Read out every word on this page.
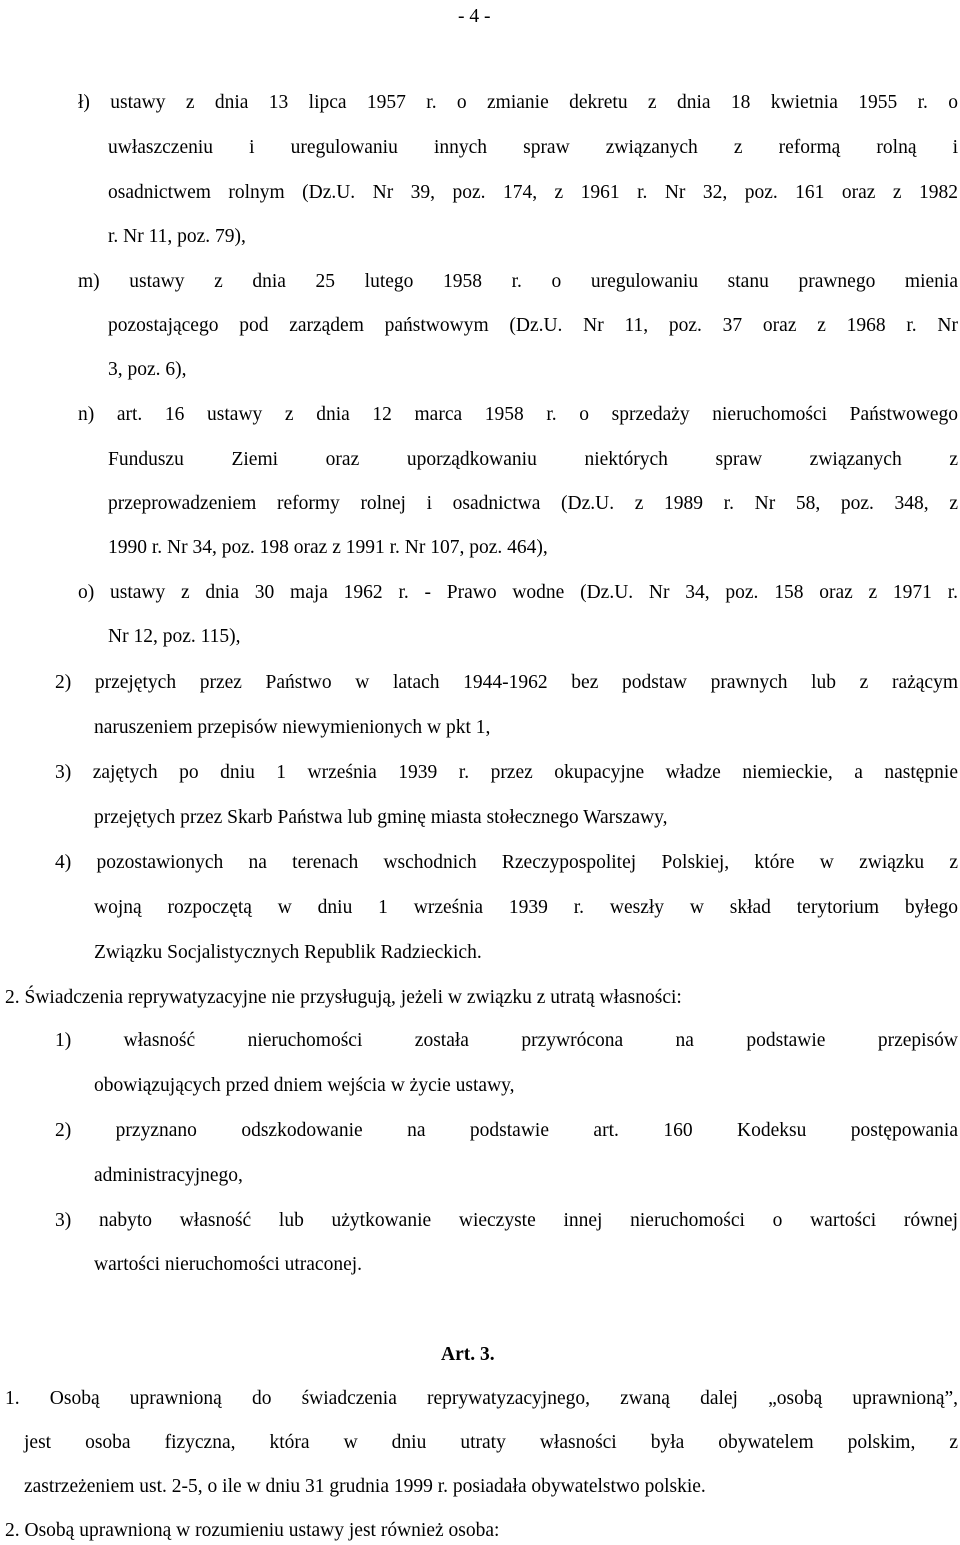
- 4 -
ł) ustawy z dnia 13 lipca 1957 r. o zmianie dekretu z dnia 18 kwietnia 1955 r. o
uwłaszczeniu i uregulowaniu innych spraw związanych z reformą rolną i
osadnictwem rolnym (Dz.U. Nr 39, poz. 174, z 1961 r. Nr 32, poz. 161 oraz z 1982
r. Nr 11, poz. 79),
m) ustawy z dnia 25 lutego 1958 r. o uregulowaniu stanu prawnego mienia
pozostającego pod zarządem państwowym (Dz.U. Nr 11, poz. 37 oraz z 1968 r. Nr
3, poz. 6),
n) art. 16 ustawy z dnia 12 marca 1958 r. o sprzedaży nieruchomości Państwowego
Funduszu Ziemi oraz uporządkowaniu niektórych spraw związanych z
przeprowadzeniem reformy rolnej i osadnictwa (Dz.U. z 1989 r. Nr 58, poz. 348, z
1990 r. Nr 34, poz. 198 oraz z 1991 r. Nr 107, poz. 464),
o) ustawy z dnia 30 maja 1962 r. - Prawo wodne (Dz.U. Nr 34, poz. 158 oraz z 1971 r.
Nr 12, poz. 115),
2) przejętych przez Państwo w latach 1944-1962 bez podstaw prawnych lub z rażącym
naruszeniem przepisów niewymienionych w pkt 1,
3) zajętych po dniu 1 września 1939 r. przez okupacyjne władze niemieckie, a następnie
przejętych przez Skarb Państwa lub gminę miasta stołecznego Warszawy,
4) pozostawionych na terenach wschodnich Rzeczypospolitej Polskiej, które w związku z
wojną rozpoczętą w dniu 1 września 1939 r. weszły w skład terytorium byłego
Związku Socjalistycznych Republik Radzieckich.
2. Świadczenia reprywatyzacyjne nie przysługują, jeżeli w związku z utratą własności:
1) własność nieruchomości została przywrócona na podstawie przepisów
obowiązujących przed dniem wejścia w życie ustawy,
2) przyznano odszkodowanie na podstawie art. 160 Kodeksu postępowania
administracyjnego,
3) nabyto własność lub użytkowanie wieczyste innej nieruchomości o wartości równej
wartości nieruchomości utraconej.
Art. 3.
1. Osobą uprawnioną do świadczenia reprywatyzacyjnego, zwaną dalej „osobą uprawnioną”,
jest osoba fizyczna, która w dniu utraty własności była obywatelem polskim, z
zastrzeżeniem ust. 2-5, o ile w dniu 31 grudnia 1999 r. posiadała obywatelstwo polskie.
2. Osobą uprawnioną w rozumieniu ustawy jest również osoba:
